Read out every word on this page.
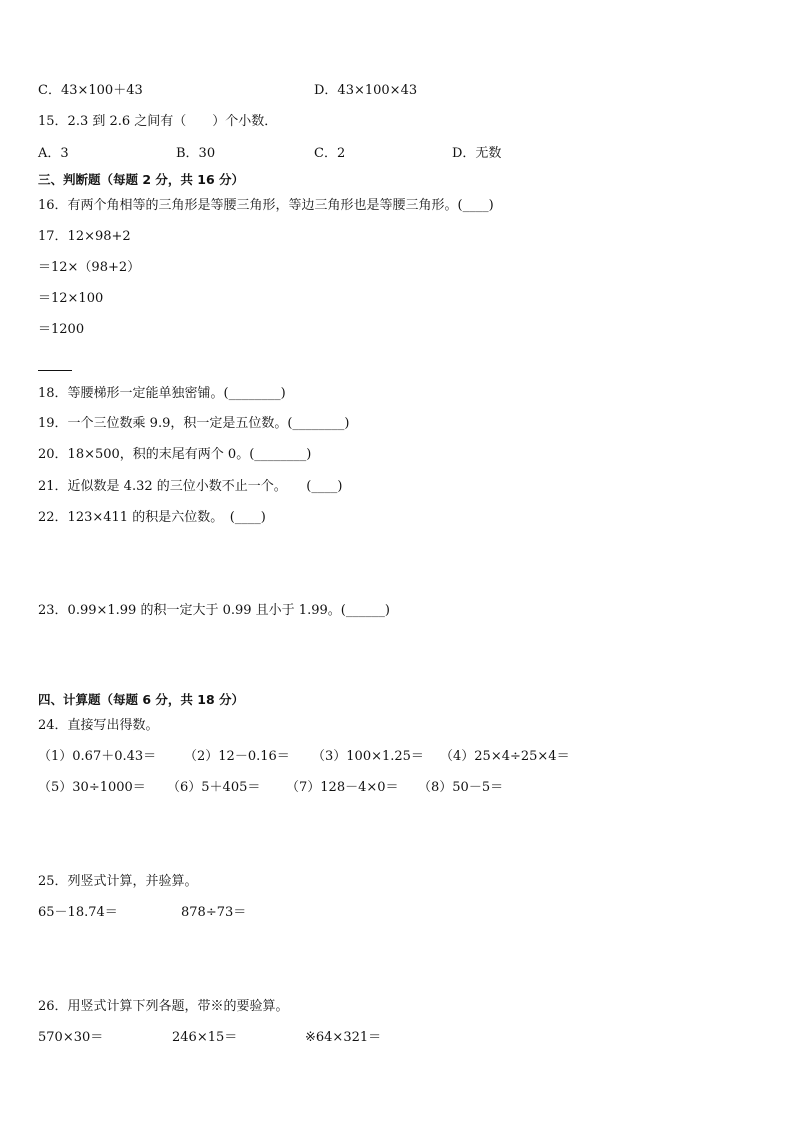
C．43×100＋43	D．43×100×43
15．2.3 到 2.6 之间有（　　）个小数．
A．3	B．30	C．2	D．无数
三、判断题（每题 2 分，共 16 分）
16．有两个角相等的三角形是等腰三角形，等边三角形也是等腰三角形。(____)
17．12×98+2
＝12×（98+2）
＝12×100
＝1200
18．等腰梯形一定能单独密铺。(________)
19．一个三位数乘 9.9，积一定是五位数。(________)
20．18×500，积的末尾有两个 0。(________)
21．近似数是 4.32 的三位小数不止一个。　　(____)
22．123×411 的积是六位数。　(____)
23．0.99×1.99 的积一定大于 0.99 且小于 1.99。(______)
四、计算题（每题 6 分，共 18 分）
24．直接写出得数。
（1）0.67＋0.43＝ （2）12－0.16＝ （3）100×1.25＝ （4）25×4÷25×4＝
（5）30÷1000＝ （6）5＋405＝ （7）128－4×0＝ （8）50－5＝
25．列竖式计算，并验算。
65－18.74＝	878÷73＝
26．用竖式计算下列各题，带※的要验算。
570×30＝	246×15＝	※64×321＝
